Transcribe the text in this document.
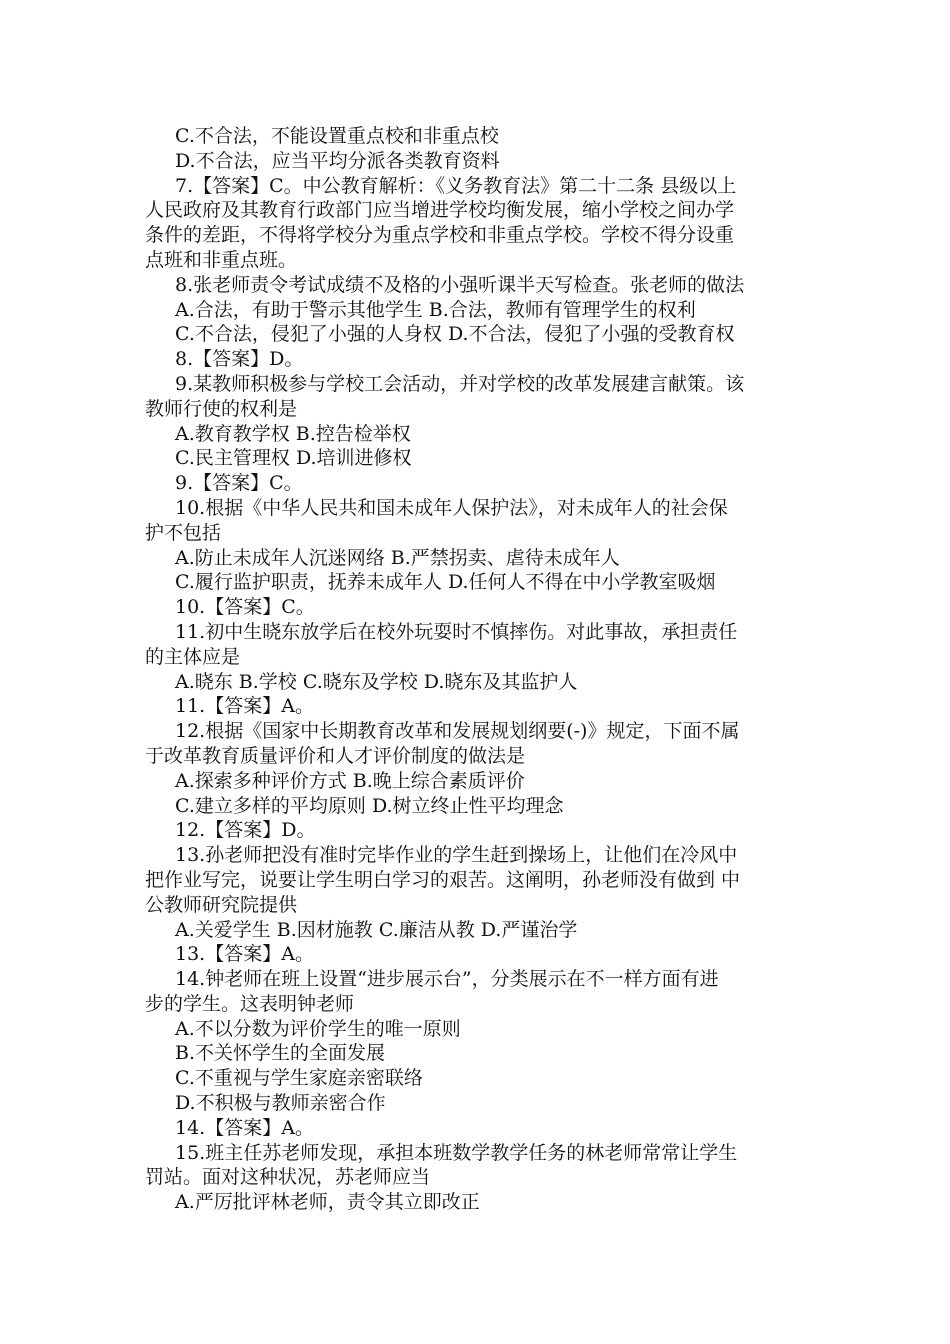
C.不合法，不能设置重点校和非重点校
D.不合法，应当平均分派各类教育资料
7.【答案】C。中公教育解析：《义务教育法》第二十二条 县级以上
人民政府及其教育行政部门应当增进学校均衡发展，缩小学校之间办学
条件的差距，不得将学校分为重点学校和非重点学校。学校不得分设重
点班和非重点班。
8.张老师责令考试成绩不及格的小强听课半天写检查。张老师的做法
A.合法，有助于警示其他学生 B.合法，教师有管理学生的权利
C.不合法，侵犯了小强的人身权 D.不合法，侵犯了小强的受教育权
8.【答案】D。
9.某教师积极参与学校工会活动，并对学校的改革发展建言献策。该
教师行使的权利是
A.教育教学权 B.控告检举权
C.民主管理权 D.培训进修权
9.【答案】C。
10.根据《中华人民共和国未成年人保护法》，对未成年人的社会保
护不包括
A.防止未成年人沉迷网络 B.严禁拐卖、虐待未成年人
C.履行监护职责，抚养未成年人 D.任何人不得在中小学教室吸烟
10.【答案】C。
11.初中生晓东放学后在校外玩耍时不慎摔伤。对此事故，承担责任
的主体应是
A.晓东 B.学校 C.晓东及学校 D.晓东及其监护人
11.【答案】A。
12.根据《国家中长期教育改革和发展规划纲要(-)》规定，下面不属
于改革教育质量评价和人才评价制度的做法是
A.探索多种评价方式 B.晚上综合素质评价
C.建立多样的平均原则 D.树立终止性平均理念
12.【答案】D。
13.孙老师把没有准时完毕作业的学生赶到操场上，让他们在冷风中
把作业写完，说要让学生明白学习的艰苦。这阐明，孙老师没有做到 中
公教师研究院提供
A.关爱学生 B.因材施教 C.廉洁从教 D.严谨治学
13.【答案】A。
14.钟老师在班上设置“进步展示台”，分类展示在不一样方面有进
步的学生。这表明钟老师
A.不以分数为评价学生的唯一原则
B.不关怀学生的全面发展
C.不重视与学生家庭亲密联络
D.不积极与教师亲密合作
14.【答案】A。
15.班主任苏老师发现，承担本班数学教学任务的林老师常常让学生
罚站。面对这种状况，苏老师应当
A.严厉批评林老师，责令其立即改正
